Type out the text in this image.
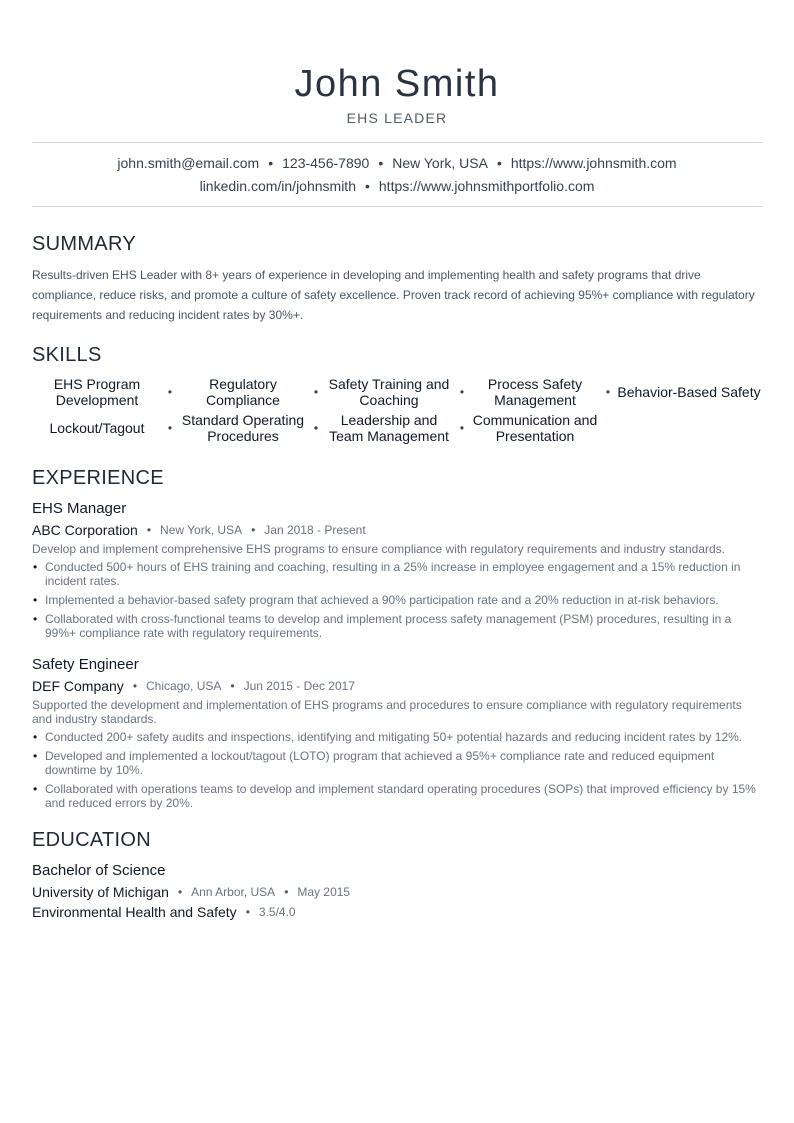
John Smith
EHS LEADER
john.smith@email.com • 123-456-7890 • New York, USA • https://www.johnsmith.com
linkedin.com/in/johnsmith • https://www.johnsmithportfolio.com
SUMMARY

Results-driven EHS Leader with 8+ years of experience in developing and implementing health and safety programs that drive compliance, reduce risks, and promote a culture of safety excellence. Proven track record of achieving 95%+ compliance with regulatory requirements and reducing incident rates by 30%+.

SKILLS
EHS Program Development	•	Regulatory Compliance	• Safety Training and Coaching	•	Process Safety Management	• Behavior-Based Safety
Lockout/Tagout	• Standard Operating Procedures	•	Leadership and Team Management • Communication and Presentation
EXPERIENCE
EHS Manager
ABC Corporation • New York, USA • Jan 2018 - Present
Develop and implement comprehensive EHS programs to ensure compliance with regulatory requirements and industry standards.
• Conducted 500+ hours of EHS training and coaching, resulting in a 25% increase in employee engagement and a 15% reduction in incident rates.
• Implemented a behavior-based safety program that achieved a 90% participation rate and a 20% reduction in at-risk behaviors.
• Collaborated with cross-functional teams to develop and implement process safety management (PSM) procedures, resulting in a 99%+ compliance rate with regulatory requirements.
Safety Engineer
DEF Company • Chicago, USA • Jun 2015 - Dec 2017
Supported the development and implementation of EHS programs and procedures to ensure compliance with regulatory requirements and industry standards.
• Conducted 200+ safety audits and inspections, identifying and mitigating 50+ potential hazards and reducing incident rates by 12%.
• Developed and implemented a lockout/tagout (LOTO) program that achieved a 95%+ compliance rate and reduced equipment downtime by 10%.
• Collaborated with operations teams to develop and implement standard operating procedures (SOPs) that improved efficiency by 15% and reduced errors by 20%.
EDUCATION
Bachelor of Science
University of Michigan • Ann Arbor, USA • May 2015
Environmental Health and Safety • 3.5/4.0
